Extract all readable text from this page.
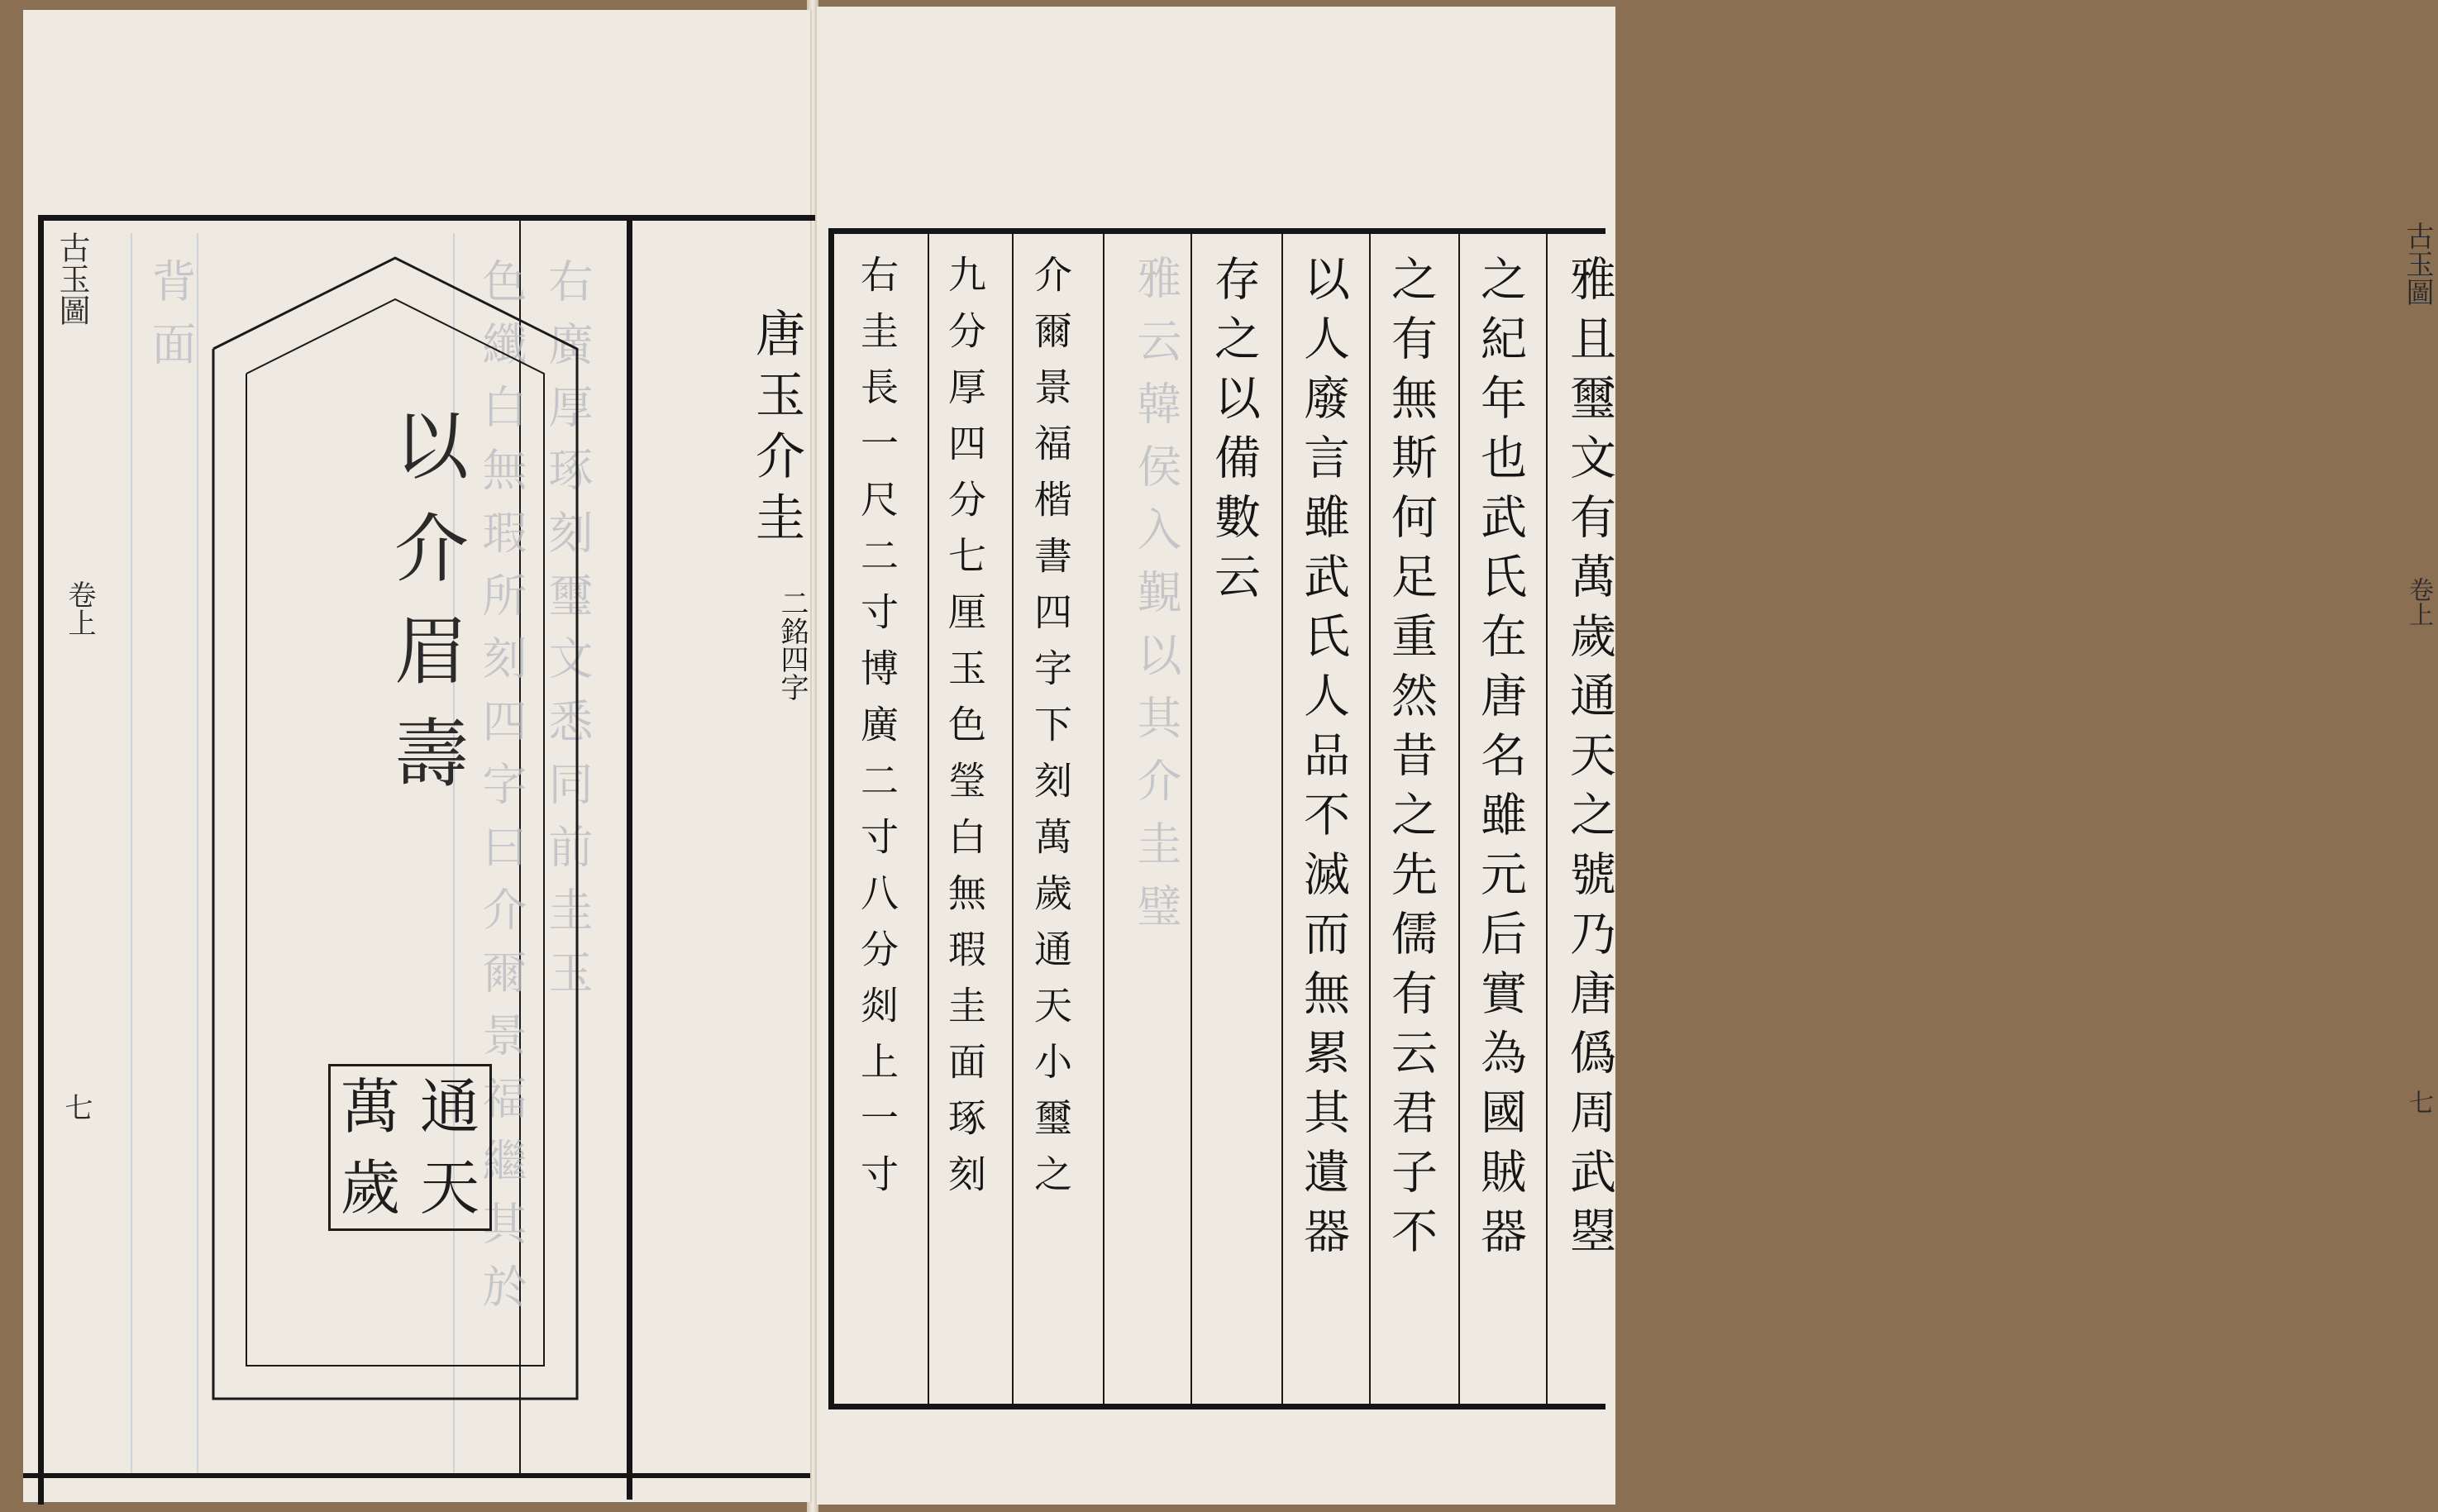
右廣厚琢刻璽文悉同前圭玉
色纖白無瑕所刻四字曰介爾景福繼其於
背面
古玉圖
卷上
七
以介眉壽
萬 通
歲 天
唐玉介圭
二銘四字	雅云韓侯入覲以其介圭璧	雅且璽文有萬歲通天之號乃唐僞周武曌
之紀年也武氏在唐名雖元后實為國賊器
之有無斯何足重然昔之先儒有云君子不
以人廢言雖武氏人品不滅而無累其遺器
存之以備數云
介爾景福楷書四字下刻萬歲通天小璽之
九分厚四分七厘玉色瑩白無瑕圭面琢刻
右圭長一尺二寸博廣二寸八分剡上一寸	古玉圖
卷上
七
